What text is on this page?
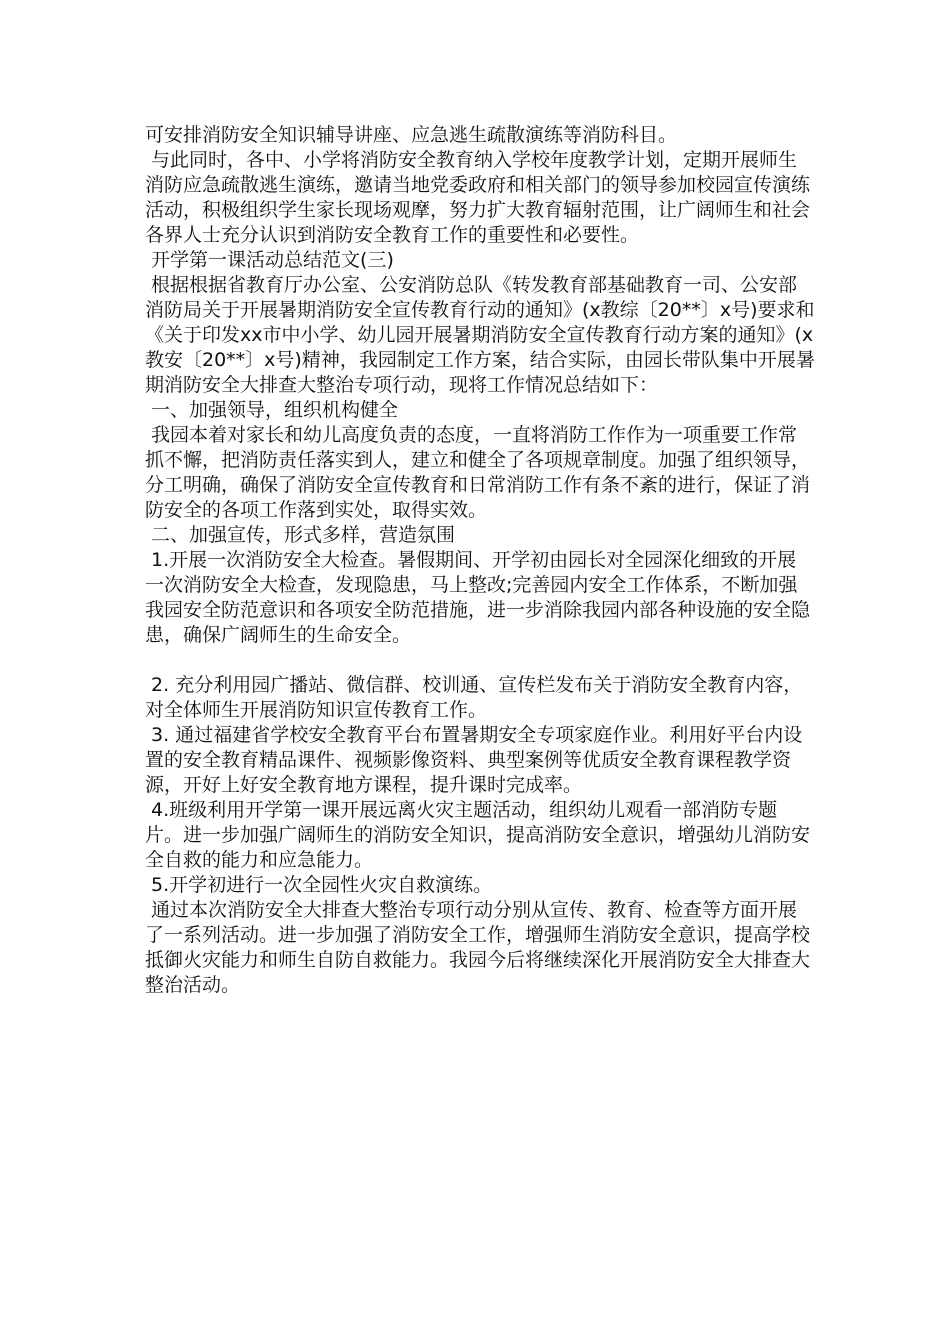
可安排消防安全知识辅导讲座、应急逃生疏散演练等消防科目。

与此同时，各中、小学将消防安全教育纳入学校年度教学计划，定期开展师生消防应急疏散逃生演练，邀请当地党委政府和相关部门的领导参加校园宣传演练活动，积极组织学生家长现场观摩，努力扩大教育辐射范围，让广阔师生和社会各界人士充分认识到消防安全教育工作的重要性和必要性。

开学第一课活动总结范文(三)

根据根据省教育厅办公室、公安消防总队《转发教育部基础教育一司、公安部消防局关于开展暑期消防安全宣传教育行动的通知》(x教综〔20**〕x号)要求和《关于印发xx市中小学、幼儿园开展暑期消防安全宣传教育行动方案的通知》(x教安〔20**〕x号)精神，我园制定工作方案，结合实际，由园长带队集中开展暑期消防安全大排查大整治专项行动，现将工作情况总结如下：

一、加强领导，组织机构健全

我园本着对家长和幼儿高度负责的态度，一直将消防工作作为一项重要工作常抓不懈，把消防责任落实到人，建立和健全了各项规章制度。加强了组织领导，分工明确，确保了消防安全宣传教育和日常消防工作有条不紊的进行，保证了消防安全的各项工作落到实处，取得实效。

二、加强宣传，形式多样，营造氛围

1.开展一次消防安全大检查。暑假期间、开学初由园长对全园深化细致的开展一次消防安全大检查，发现隐患，马上整改;完善园内安全工作体系，不断加强我园安全防范意识和各项安全防范措施，进一步消除我园内部各种设施的安全隐患，确保广阔师生的生命安全。

2. 充分利用园广播站、微信群、校训通、宣传栏发布关于消防安全教育内容，对全体师生开展消防知识宣传教育工作。

3. 通过福建省学校安全教育平台布置暑期安全专项家庭作业。利用好平台内设置的安全教育精品课件、视频影像资料、典型案例等优质安全教育课程教学资源，开好上好安全教育地方课程，提升课时完成率。

4.班级利用开学第一课开展远离火灾主题活动，组织幼儿观看一部消防专题片。进一步加强广阔师生的消防安全知识，提高消防安全意识，增强幼儿消防安全自救的能力和应急能力。

5.开学初进行一次全园性火灾自救演练。

通过本次消防安全大排查大整治专项行动分别从宣传、教育、检查等方面开展了一系列活动。进一步加强了消防安全工作，增强师生消防安全意识，提高学校抵御火灾能力和师生自防自救能力。我园今后将继续深化开展消防安全大排查大整治活动。
